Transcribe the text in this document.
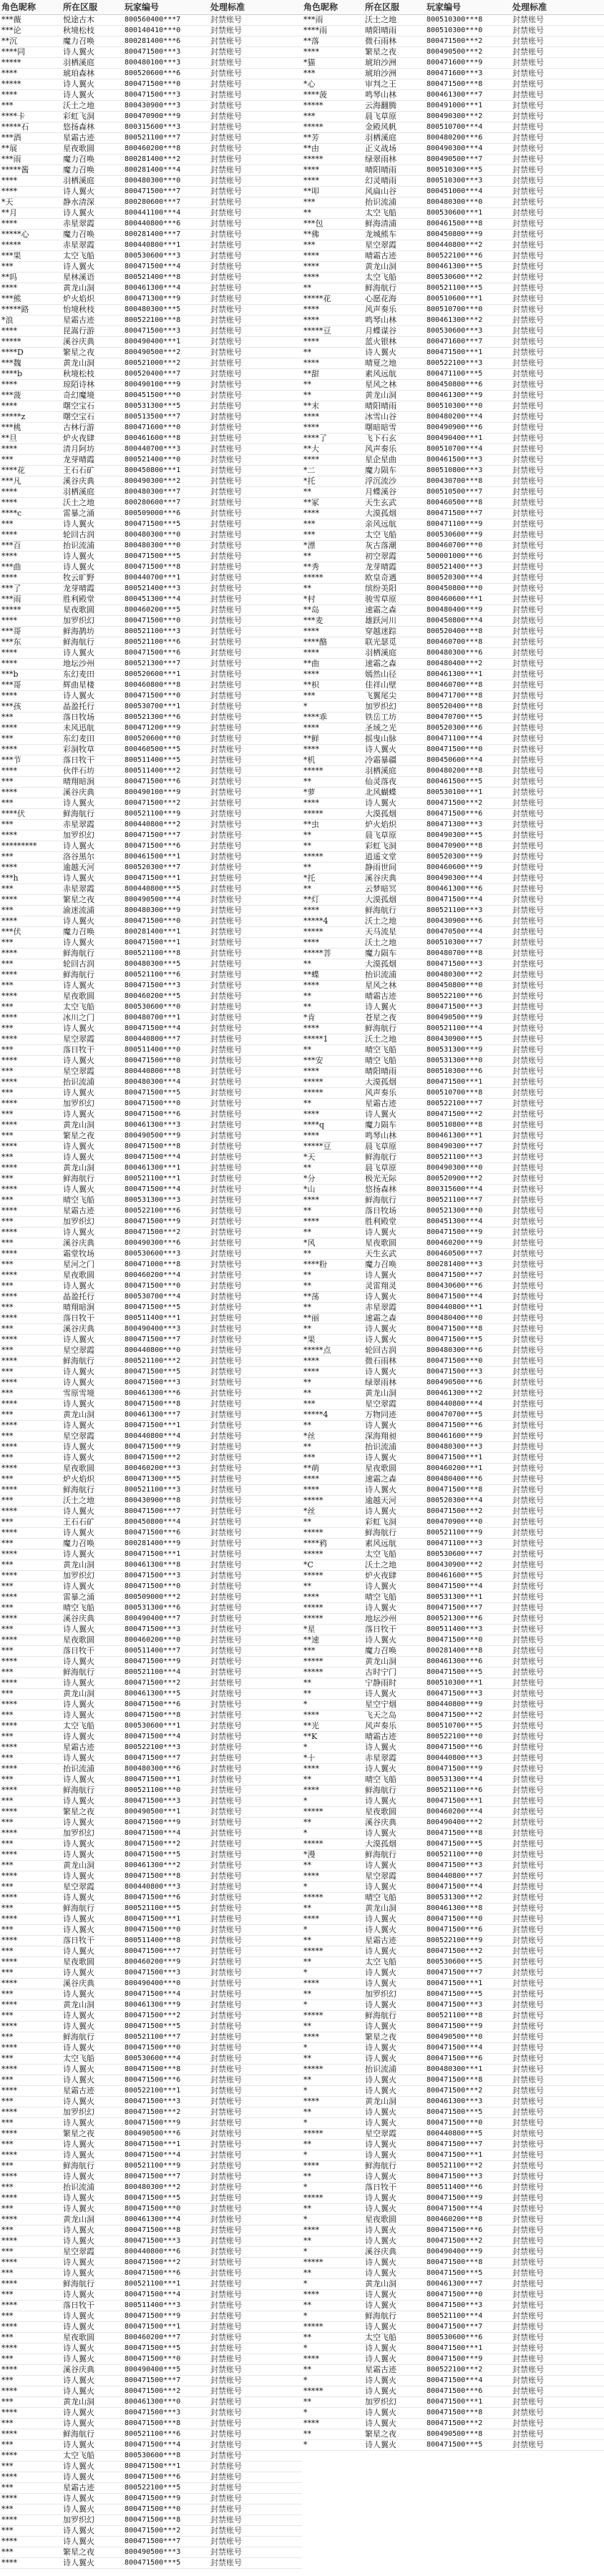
角色昵称	所在区服	玩家编号	处理标准
***薇	悦途古木	800560400***7	封禁账号
***论	秋境松枝	800140410***0	封禁账号
**沉	魔力召唤	800281400***6	封禁账号
****同	诗人翼火	800471500***3	封禁账号
*****	羽栖溪庭	800480100***3	封禁账号
****	琥珀森林	800520600***6	封禁账号
*****	诗人翼火	800471500***0	封禁账号
****	诗人翼火	800471500***3	封禁账号
***	沃土之地	800430900***3	封禁账号
****卡	彩虹飞洞	800470900***9	封禁账号
*****石	悠扬森林	800315600***3	封禁账号
***酒	星霜古迹	800521100***7	封禁账号
**展	星夜歌圆	800460200***8	封禁账号
***雨	魔力召唤	800281400***2	封禁账号
*****酱	魔力召唤	800281400***4	封禁账号
****	羽栖溪庭	800480300***0	封禁账号
****	诗人翼火	800471500***7	封禁账号
*天	静水清深	800280600***7	封禁账号
**月	诗人翼火	800441100***4	封禁账号
****	赤星翠霞	800440800***6	封禁账号
*****心	魔力召唤	800281400***7	封禁账号
*****	赤星翠霞	800440800***1	封禁账号
***果	太空飞船	800530600***3	封禁账号
***	诗人翼火	800471500***4	封禁账号
**吗	星林溪语	800521400***8	封禁账号
****	黄龙山洞	800461300***4	封禁账号
***熊	炉火焰炽	800471300***9	封禁账号
*****路	怡境秋枝	800480300***5	封禁账号
*浪	星霜古迹	800522100***8	封禁账号
****	昆嵩行游	800471500***3	封禁账号
*****	溪谷庆典	800490400***1	封禁账号
****D	繁星之夜	800490500***2	封禁账号
***魏	黄龙山洞	800521000***2	封禁账号
****b	秋境松枝	800520400***7	封禁账号
****	琼陌诗林	800490100***9	封禁账号
***菠	奇幻魔境	800451500***0	封禁账号
****	曙空宝石	800531300***5	封禁账号
*****z	曙空宝石	800513500***7	封禁账号
***桃	古林行游	800471600***0	封禁账号
**旦	炉火夜肆	800461600***8	封禁账号
****	清月阿坊	800440700***3	封禁账号
***	龙芽晴霞	800521400***0	封禁账号
****花	王石石矿	800450800***1	封禁账号
***凡	溪谷庆典	800490300***2	封禁账号
****	羽栖溪庭	800480300***7	封禁账号
****	沃土之地	800280600***7	封禁账号
****c	雷暴之涌	800509000***6	封禁账号
***	诗人翼火	800471500***5	封禁账号
****	轮回古润	800480300***0	封禁账号
***百	抬识流浦	800480300***0	封禁账号
****	诗人翼火	800471500***5	封禁账号
***曲	诗人翼火	800471500***8	封禁账号
****	牧云旷野	800440700***1	封禁账号
***了	龙芽晴霞	800521400***3	封禁账号
***雨	胜利殿堂	800451300***4	封禁账号
*****	星夜歌圆	800460200***5	封禁账号
****	加罗织幻	800471500***0	封禁账号
***哥	鲜海鹊坊	800521100***3	封禁账号
***东	鲜海航行	800521100***6	封禁账号
****	诗人翼火	800471500***6	封禁账号
****	地坛沙州	800521300***7	封禁账号
***b	东幻麦田	800520600***1	封禁账号
***哥	辉曲星楼	800460800***8	封禁账号
****	诗人翼火	800471500***0	封禁账号
***孩	晶盈托行	800530700***1	封禁账号
***	落日牧场	800521300***6	封禁账号
****	未风迅航	800471200***9	封禁账号
***	东幻麦田	800520600***0	封禁账号
****	彩洞牧草	800460500***5	封禁账号
***节	落日牧干	800511400***5	封禁账号
****	伙伴石坊	800511400***2	封禁账号
***	晴翔暗涧	800471500***6	封禁账号
****	溪谷庆典	800490100***9	封禁账号
***	诗人翼火	800471500***2	封禁账号
****伏	鲜海航行	800521100***9	封禁账号
***	赤星翠霞	800440800***2	封禁账号
****	加罗织幻	800471500***7	封禁账号
*********	诗人翼火	800471500***6	封禁账号
***	洛谷黑尔	800461500***1	封禁账号
****	逾越天河	800520300***7	封禁账号
***h	诗人翼火	800471500***1	封禁账号
***	赤星翠霞	800440800***5	封禁账号
****	繁星之夜	800490500***4	封禁账号
***	渝迷流浦	800480300***9	封禁账号
****	诗人翼火	800471500***0	封禁账号
***伏	魔力召唤	800281400***1	封禁账号
***	诗人翼火	800471500***1	封禁账号
****	鲜海航行	800521100***8	封禁账号
***	轮回古润	800480300***5	封禁账号
****	鲜海航行	800521100***6	封禁账号
***	诗人翼火	800471500***3	封禁账号
****	星夜歌圆	800460200***5	封禁账号
***	太空飞船	800530600***0	封禁账号
****	冰川之门	800480700***1	封禁账号
***	诗人翼火	800471500***4	封禁账号
****	星空翠霞	800440800***7	封禁账号
***	落日牧干	800511400***0	封禁账号
****	诗人翼火	800471500***0	封禁账号
***	星空翠霞	800440800***8	封禁账号
****	抬识流浦	800480300***4	封禁账号
***	诗人翼火	800471500***5	封禁账号
****	加罗织幻	800471500***0	封禁账号
***	诗人翼火	800471500***6	封禁账号
****	黄龙山洞	800461300***3	封禁账号
***	繁星之夜	800490500***9	封禁账号
****	诗人翼火	800471500***8	封禁账号
***	诗人翼火	800471500***4	封禁账号
****	黄龙山洞	800461300***1	封禁账号
***	鲜海航行	800521100***1	封禁账号
****	诗人翼火	800471500***4	封禁账号
***	晴空飞船	800531300***3	封禁账号
****	星霜古迹	800522100***6	封禁账号
***	加罗织幻	800471500***9	封禁账号
****	诗人翼火	800471500***2	封禁账号
***	溪谷庆典	800490300***6	封禁账号
****	霜堂牧场	800530600***3	封禁账号
***	星河之门	800471000***8	封禁账号
****	星夜歌圆	800460200***4	封禁账号
***	诗人翼火	800471500***0	封禁账号
****	晶盈托行	800530700***4	封禁账号
***	晴翔暗涧	800471500***5	封禁账号
****	落日牧干	800511400***1	封禁账号
***	溪谷庆典	800490400***3	封禁账号
****	诗人翼火	800471500***7	封禁账号
***	星空翠霞	800440800***0	封禁账号
****	鲜海航行	800521100***2	封禁账号
***	诗人翼火	800471500***5	封禁账号
****	诗人翼火	800471500***3	封禁账号
***	雪原雪境	800461300***6	封禁账号
****	诗人翼火	800471500***8	封禁账号
***	黄龙山洞	800461300***7	封禁账号
****	诗人翼火	800471500***1	封禁账号
***	星空翠霞	800440800***4	封禁账号
****	诗人翼火	800471500***9	封禁账号
***	诗人翼火	800471500***2	封禁账号
****	星夜歌圆	800460200***3	封禁账号
***	炉火焰炽	800471300***5	封禁账号
****	鲜海航行	800521100***3	封禁账号
***	沃土之地	800430900***8	封禁账号
****	诗人翼火	800471500***7	封禁账号
***	王石石矿	800450800***4	封禁账号
****	诗人翼火	800471500***6	封禁账号
***	魔力召唤	800281400***9	封禁账号
****	诗人翼火	800471500***1	封禁账号
***	黄龙山洞	800461300***8	封禁账号
****	加罗织幻	800471500***3	封禁账号
***	诗人翼火	800471500***0	封禁账号
****	雷暴之涌	800509000***2	封禁账号
***	晴空飞船	800531300***6	封禁账号
****	溪谷庆典	800490400***7	封禁账号
***	诗人翼火	800471500***3	封禁账号
****	星夜歌圆	800460200***0	封禁账号
***	落日牧干	800511400***7	封禁账号
****	诗人翼火	800471500***9	封禁账号
***	鲜海航行	800521100***4	封禁账号
****	诗人翼火	800471500***2	封禁账号
***	黄龙山洞	800461300***5	封禁账号
****	诗人翼火	800471500***6	封禁账号
***	诗人翼火	800471500***8	封禁账号
****	太空飞船	800530600***1	封禁账号
***	诗人翼火	800471500***4	封禁账号
****	星霜古迹	800522100***3	封禁账号
***	诗人翼火	800471500***7	封禁账号
****	抬识流浦	800480300***6	封禁账号
***	诗人翼火	800471500***1	封禁账号
****	鲜海航行	800521100***0	封禁账号
***	诗人翼火	800471500***3	封禁账号
****	繁星之夜	800490500***1	封禁账号
***	诗人翼火	800471500***9	封禁账号
****	加罗织幻	800471500***4	封禁账号
***	诗人翼火	800471500***2	封禁账号
****	诗人翼火	800471500***5	封禁账号
***	黄龙山洞	800461300***2	封禁账号
****	诗人翼火	800471500***8	封禁账号
***	星空翠霞	800440800***3	封禁账号
****	诗人翼火	800471500***6	封禁账号
***	鲜海航行	800521100***5	封禁账号
****	诗人翼火	800471500***1	封禁账号
***	诗人翼火	800471500***0	封禁账号
****	落日牧干	800511400***8	封禁账号
***	诗人翼火	800471500***7	封禁账号
****	星夜歌圆	800460200***9	封禁账号
***	诗人翼火	800471500***3	封禁账号
****	溪谷庆典	800490400***0	封禁账号
***	诗人翼火	800471500***4	封禁账号
****	黄龙山洞	800461300***9	封禁账号
***	诗人翼火	800471500***2	封禁账号
****	诗人翼火	800471500***5	封禁账号
***	鲜海航行	800521100***7	封禁账号
****	诗人翼火	800471500***0	封禁账号
***	太空飞船	800530600***4	封禁账号
****	诗人翼火	800471500***8	封禁账号
***	诗人翼火	800471500***6	封禁账号
****	星霜古迹	800522100***1	封禁账号
***	诗人翼火	800471500***3	封禁账号
****	加罗织幻	800471500***2	封禁账号
***	诗人翼火	800471500***9	封禁账号
****	繁星之夜	800490500***6	封禁账号
***	诗人翼火	800471500***1	封禁账号
****	诗人翼火	800471500***4	封禁账号
***	鲜海航行	800521100***9	封禁账号
****	诗人翼火	800471500***7	封禁账号
***	抬识流浦	800480300***2	封禁账号
****	诗人翼火	800471500***5	封禁账号
***	诗人翼火	800471500***0	封禁账号
****	黄龙山洞	800461300***4	封禁账号
***	诗人翼火	800471500***8	封禁账号
****	诗人翼火	800471500***3	封禁账号
***	星空翠霞	800440800***6	封禁账号
****	诗人翼火	800471500***2	封禁账号
***	诗人翼火	800471500***6	封禁账号
****	鲜海航行	800521100***1	封禁账号
***	诗人翼火	800471500***4	封禁账号
****	落日牧干	800511400***3	封禁账号
***	诗人翼火	800471500***9	封禁账号
****	诗人翼火	800471500***1	封禁账号
***	星夜歌圆	800460200***7	封禁账号
****	诗人翼火	800471500***5	封禁账号
***	诗人翼火	800471500***0	封禁账号
****	溪谷庆典	800490400***5	封禁账号
***	诗人翼火	800471500***7	封禁账号
****	诗人翼火	800471500***2	封禁账号
***	黄龙山洞	800461300***0	封禁账号
****	诗人翼火	800471500***3	封禁账号
***	诗人翼火	800471500***8	封禁账号
****	鲜海航行	800521100***6	封禁账号
***	诗人翼火	800471500***4	封禁账号
****	太空飞船	800530600***8	封禁账号
***	诗人翼火	800471500***1	封禁账号
****	诗人翼火	800471500***6	封禁账号
***	星霜古迹	800522100***5	封禁账号
****	诗人翼火	800471500***9	封禁账号
***	诗人翼火	800471500***0	封禁账号
****	加罗织幻	800471500***8	封禁账号
***	诗人翼火	800471500***2	封禁账号
****	诗人翼火	800471500***7	封禁账号
***	繁星之夜	800490500***3	封禁账号
****	诗人翼火	800471500***5	封禁账号
角色昵称	所在区服	玩家编号	处理标准
***雨	沃土之地	800510300***8	封禁账号
****雨	晴阳晴雨	800510300***0	封禁账号
**落	微石雨林	800471500***2	封禁账号
****	繁星之夜	800490500***2	封禁账号
*猫	琥珀沙洲	800471600***9	封禁账号
***	琥珀沙洲	800471600***3	封禁账号
*心	审判之王	800471500***8	封禁账号
****菠	鸣琴山林	800461300***7	封禁账号
*****	云海翻腾	800491000***1	封禁账号
***	晨飞草原	800490300***2	封禁账号
*****	金殿风帆	800510700***4	封禁账号
**芳	羽栖溪庭	800480200***6	封禁账号
**由	正义战场	800490300***4	封禁账号
*****	绿翠雨林	800490500***7	封禁账号
****	晴阳晴雨	800510300***5	封禁账号
****	幻灵晴雨	800510300***3	封禁账号
**叩	风扁山谷	800451000***4	封禁账号
***	抬识流浦	800480300***0	封禁账号
**	太空飞船	800530600***1	封禁账号
***包	鲜海清浦	800461500***8	封禁账号
**佛	龙城熊车	800450800***9	封禁账号
***	星空翠霞	800440800***2	封禁账号
****	晴霜古迹	800522100***6	封禁账号
****	黄龙山洞	800461300***5	封禁账号
****	太空飞船	800530600***2	封禁账号
**	鲜海航行	800521100***5	封禁账号
*****花	心愿花海	800510600***1	封禁账号
****	风声奏乐	800510700***0	封禁账号
****	鸣琴山林	800461300***2	封禁账号
*****豆	月蝶谋谷	800530600***3	封禁账号
****	蓝火银林	800471600***7	封禁账号
**	诗人翼火	800471500***1	封禁账号
****	晴夏之地	800522100***3	封禁账号
**甜	素风远航	800471100***5	封禁账号
**	星风之林	800450800***6	封禁账号
**	黄龙山洞	800461300***9	封禁账号
**末	晴阳晴雨	800510300***0	封禁账号
****	冰雪山谷	800480200***4	封禁账号
****	曙暗暗雪	800490900***6	封禁账号
****了	飞下石玄	800490400***1	封禁账号
**大	风声奏乐	800510700***4	封禁账号
****	星企星曲	800461500***3	封禁账号
*二	魔力陨车	800510800***3	封禁账号
*托	浮沉流沙	800430700***8	封禁账号
**	月蝶溪谷	800510500***7	封禁账号
**冢	天生玄武	800460500***8	封禁账号
****	大漠孤烟	800471500***7	封禁账号
***	亲风远航	800471100***9	封禁账号
***	太空飞船	800530600***9	封禁账号
*漂	灰古落潮	800460700***0	封禁账号
**	初空翠霞	500001000***6	封禁账号
**秀	龙芽晴霞	800521400***3	封禁账号
*****	欧皇奇遇	800520300***4	封禁账号
**	缤纷美阳	800450800***0	封禁账号
*村	骏雪草原	800460600***1	封禁账号
**岛	速霜之森	800480400***9	封禁账号
***麦	雄跃河川	800450800***4	封禁账号
****	穿越迷踪	800520400***8	封禁账号
****酪	联光瑟觅	800460700***8	封禁账号
****	羽栖溪庭	800480300***6	封禁账号
**曲	速霜之森	800480400***2	封禁账号
****	嫣然山径	800461300***1	封禁账号
**枳	佳祥山壁	800460700***8	封禁账号
***	飞翼尾尖	800471700***8	封禁账号
*	加罗织幻	800520400***8	封禁账号
****乖	铁岳工坊	800470700***5	封禁账号
****	圣域之光	800520300***6	封禁账号
**鲜	摇曳山脉	800471100***4	封禁账号
****	诗人翼火	800471500***0	封禁账号
*机	冷霜暴疆	800450600***4	封禁账号
*****	羽栖溪庭	800480200***8	封禁账号
**	仙灵落夜	800461500***5	封禁账号
*萝	北风蝴蝶	800530100***1	封禁账号
****	诗人翼火	800471500***2	封禁账号
*****	大漠孤烟	800471500***6	封禁账号
**虫	炉火焰炽	800471300***3	封禁账号
**	晨飞草原	800490300***5	封禁账号
**	彩虹飞洞	800470900***8	封禁账号
*****	逍遥文堂	800520300***9	封禁账号
**	静雨世间	800460600***9	封禁账号
*托	溪谷庆典	800490300***4	封禁账号
**	云梦暗冥	800461300***6	封禁账号
**灯	大漠孤烟	800471500***4	封禁账号
****	鲜海航行	800521100***3	封禁账号
*****4	沃土之地	800430900***6	封禁账号
*****	天马流星	800470500***4	封禁账号
****	沃土之地	800510300***7	封禁账号
*****菩	魔力陨车	800480700***8	封禁账号
**	大漠孤烟	800471500***3	封禁账号
**蝶	抬识流浦	800480300***2	封禁账号
****	星风之林	800450800***0	封禁账号
**	晴霜古迹	800522100***6	封禁账号
**	诗人翼火	800471500***3	封禁账号
*肯	苍星之夜	800490500***9	封禁账号
****	鲜海航行	800521100***4	封禁账号
*****1	沃土之地	800430900***5	封禁账号
**	晴空飞船	800531300***9	封禁账号
***安	晴空飞船	800531300***0	封禁账号
****	晴阳晴雨	800510300***6	封禁账号
*****	大漠孤烟	800471500***1	封禁账号
*****	风声奏乐	800510700***8	封禁账号
**	星霜古迹	800522100***7	封禁账号
****	诗人翼火	800471500***2	封禁账号
****q	魔力陨车	800510800***8	封禁账号
****	鸣琴山林	800461300***1	封禁账号
*****豆	晨飞草原	800490300***7	封禁账号
*天	鲜海航行	800521100***3	封禁账号
**	晨飞草原	800490300***0	封禁账号
*分	极光无际	800520900***2	封禁账号
*山	悠扬森林	800315600***4	封禁账号
****	鲜海航行	800521100***7	封禁账号
**	落日牧场	800521300***0	封禁账号
****	胜利殿堂	800451300***4	封禁账号
**	诗人翼火	800471500***9	封禁账号
*风	星夜歌圆	800460200***9	封禁账号
**	天生玄武	800460500***7	封禁账号
****粉	魔力召唤	800281400***3	封禁账号
**	诗人翼火	800471500***7	封禁账号
**	灵雷翔灵	800430600***6	封禁账号
**荡	诗人翼火	800471500***4	封禁账号
**	赤星翠霞	800440800***1	封禁账号
**丽	速霜之森	800480400***0	封禁账号
**	诗人翼火	800471500***8	封禁账号
*果	诗人翼火	800471500***5	封禁账号
*****点	轮回古润	800480300***6	封禁账号
****	微石雨林	800471500***0	封禁账号
****	诗人翼火	800471500***3	封禁账号
**	绿翠雨林	800490500***6	封禁账号
**	黄龙山洞	800461300***2	封禁账号
***	星空翠霞	800440800***4	封禁账号
*****4	万物同迹	800470700***5	封禁账号
**	诗人翼火	800471500***6	封禁账号
*丝	深海翔昶	800461600***9	封禁账号
**	抬识流浦	800480300***3	封禁账号
***	诗人翼火	800471500***1	封禁账号
**萌	星夜歌圆	800460200***1	封禁账号
****	速霜之森	800480400***6	封禁账号
****	诗人翼火	800471500***8	封禁账号
*****	逾越天河	800520300***4	封禁账号
*丝	诗人翼火	800471500***2	封禁账号
**	彩虹飞洞	800470900***0	封禁账号
*****	鲜海航行	800521100***9	封禁账号
****鸦	素风远航	800471100***3	封禁账号
*****	太空飞船	800530600***7	封禁账号
*C	沃土之地	800430900***2	封禁账号
*****	炉火夜肆	800461600***5	封禁账号
**	诗人翼火	800471500***4	封禁账号
****	晴空飞船	800531300***1	封禁账号
*****	诗人翼火	800471500***7	封禁账号
*****	地坛沙州	800521300***6	封禁账号
*星	落日牧干	800511400***3	封禁账号
**速	诗人翼火	800471500***0	封禁账号
***	魔力召唤	800281400***8	封禁账号
*****	黄龙山洞	800461300***6	封禁账号
*****	古时宁门	800471500***5	封禁账号
**	宁静雨时	800510300***1	封禁账号
**	诗人翼火	800471500***3	封禁账号
*	星空宁烟	800440800***9	封禁账号
****	飞天之岛	800471500***2	封禁账号
**光	风声奏乐	800510700***5	封禁账号
**K	晴霜古迹	800522100***0	封禁账号
*	诗人翼火	800471500***6	封禁账号
*十	赤星翠霞	800440800***3	封禁账号
****	诗人翼火	800471500***9	封禁账号
**	晴空飞船	800531300***4	封禁账号
****	鲜海航行	800521100***6	封禁账号
*	诗人翼火	800471500***1	封禁账号
*****	星夜歌圆	800460200***4	封禁账号
**	溪谷庆典	800490400***2	封禁账号
*	诗人翼火	800471500***8	封禁账号
*****	大漠孤烟	800471500***5	封禁账号
*漫	鲜海航行	800521100***0	封禁账号
**	诗人翼火	800471500***3	封禁账号
****	星空翠霞	800440800***7	封禁账号
*	诗人翼火	800471500***4	封禁账号
*****	晴空飞船	800531300***2	封禁账号
**	黄龙山洞	800461300***8	封禁账号
****	诗人翼火	800471500***0	封禁账号
*	诗人翼火	800471500***6	封禁账号
**	星霜古迹	800522100***9	封禁账号
*****	诗人翼火	800471500***2	封禁账号
**	太空飞船	800530600***5	封禁账号
*	诗人翼火	800471500***7	封禁账号
****	诗人翼火	800471500***1	封禁账号
**	加罗织幻	800471500***5	封禁账号
*	诗人翼火	800471500***3	封禁账号
*****	鲜海航行	800521100***8	封禁账号
**	诗人翼火	800471500***9	封禁账号
****	繁星之夜	800490500***0	封禁账号
*	诗人翼火	800471500***4	封禁账号
**	诗人翼火	800471500***6	封禁账号
*****	抬识流浦	800480300***1	封禁账号
**	诗人翼火	800471500***8	封禁账号
*	诗人翼火	800471500***2	封禁账号
****	黄龙山洞	800461300***3	封禁账号
**	诗人翼火	800471500***5	封禁账号
*	诗人翼火	800471500***0	封禁账号
*****	星空翠霞	800440800***5	封禁账号
**	诗人翼火	800471500***7	封禁账号
*	诗人翼火	800471500***1	封禁账号
****	鲜海航行	800521100***2	封禁账号
**	诗人翼火	800471500***3	封禁账号
*	落日牧干	800511400***6	封禁账号
*****	诗人翼火	800471500***9	封禁账号
**	诗人翼火	800471500***4	封禁账号
*	星夜歌圆	800460200***8	封禁账号
****	诗人翼火	800471500***6	封禁账号
**	诗人翼火	800471500***2	封禁账号
*	溪谷庆典	800490400***9	封禁账号
*****	诗人翼火	800471500***8	封禁账号
**	诗人翼火	800471500***5	封禁账号
*	黄龙山洞	800461300***7	封禁账号
****	诗人翼火	800471500***0	封禁账号
**	诗人翼火	800471500***3	封禁账号
*	鲜海航行	800521100***4	封禁账号
*****	诗人翼火	800471500***7	封禁账号
**	太空飞船	800530600***6	封禁账号
*	诗人翼火	800471500***1	封禁账号
****	诗人翼火	800471500***9	封禁账号
**	星霜古迹	800522100***2	封禁账号
*	诗人翼火	800471500***4	封禁账号
*****	诗人翼火	800471500***6	封禁账号
**	加罗织幻	800471500***1	封禁账号
*	诗人翼火	800471500***8	封禁账号
****	诗人翼火	800471500***2	封禁账号
**	繁星之夜	800490500***8	封禁账号
*	诗人翼火	800471500***5	封禁账号
